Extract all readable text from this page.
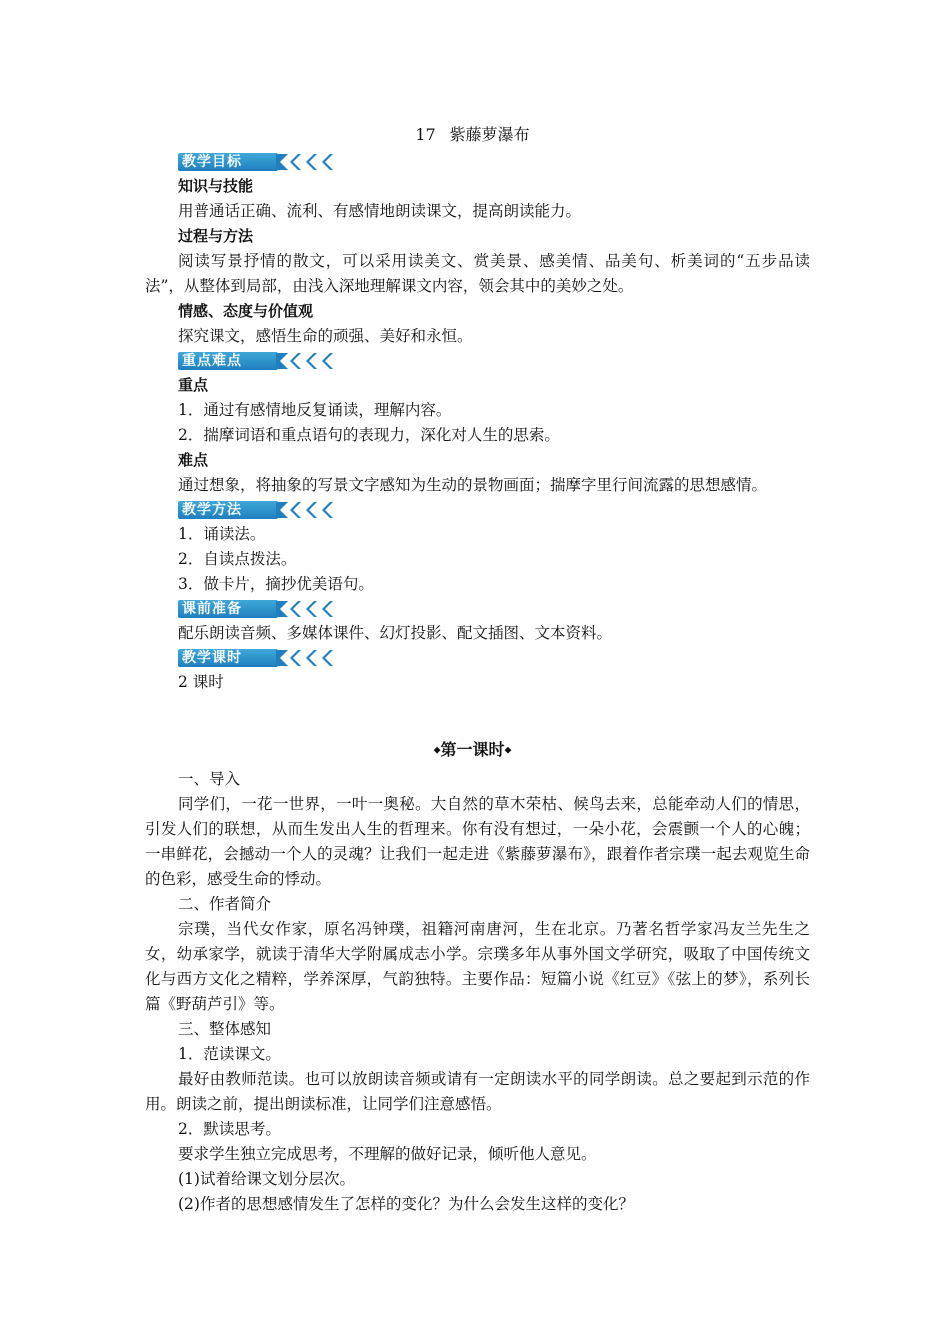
17 紫藤萝瀑布
教学目标
知识与技能
用普通话正确、流利、有感情地朗读课文，提高朗读能力。
过程与方法
阅读写景抒情的散文，可以采用读美文、赏美景、感美情、品美句、析美词的“五步品读法”，从整体到局部，由浅入深地理解课文内容，领会其中的美妙之处。
情感、态度与价值观
探究课文，感悟生命的顽强、美好和永恒。
重点难点
重点
1．通过有感情地反复诵读，理解内容。
2．揣摩词语和重点语句的表现力，深化对人生的思索。
难点
通过想象，将抽象的写景文字感知为生动的景物画面；揣摩字里行间流露的思想感情。
教学方法
1．诵读法。
2．自读点拨法。
3．做卡片，摘抄优美语句。
课前准备
配乐朗读音频、多媒体课件、幻灯投影、配文插图、文本资料。
教学课时
2 课时
◆第一课时◆
一、导入
同学们，一花一世界，一叶一奥秘。大自然的草木荣枯、候鸟去来，总能牵动人们的情思，引发人们的联想，从而生发出人生的哲理来。你有没有想过，一朵小花，会震颤一个人的心魄；一串鲜花，会撼动一个人的灵魂？让我们一起走进《紫藤萝瀑布》，跟着作者宗璞一起去观览生命的色彩，感受生命的悸动。
二、作者简介
宗璞，当代女作家，原名冯钟璞，祖籍河南唐河，生在北京。乃著名哲学家冯友兰先生之女，幼承家学，就读于清华大学附属成志小学。宗璞多年从事外国文学研究，吸取了中国传统文化与西方文化之精粹，学养深厚，气韵独特。主要作品：短篇小说《红豆》《弦上的梦》，系列长篇《野葫芦引》等。
三、整体感知
1．范读课文。
最好由教师范读。也可以放朗读音频或请有一定朗读水平的同学朗读。总之要起到示范的作用。朗读之前，提出朗读标准，让同学们注意感悟。
2．默读思考。
要求学生独立完成思考，不理解的做好记录，倾听他人意见。
(1)试着给课文划分层次。
(2)作者的思想感情发生了怎样的变化？为什么会发生这样的变化？
